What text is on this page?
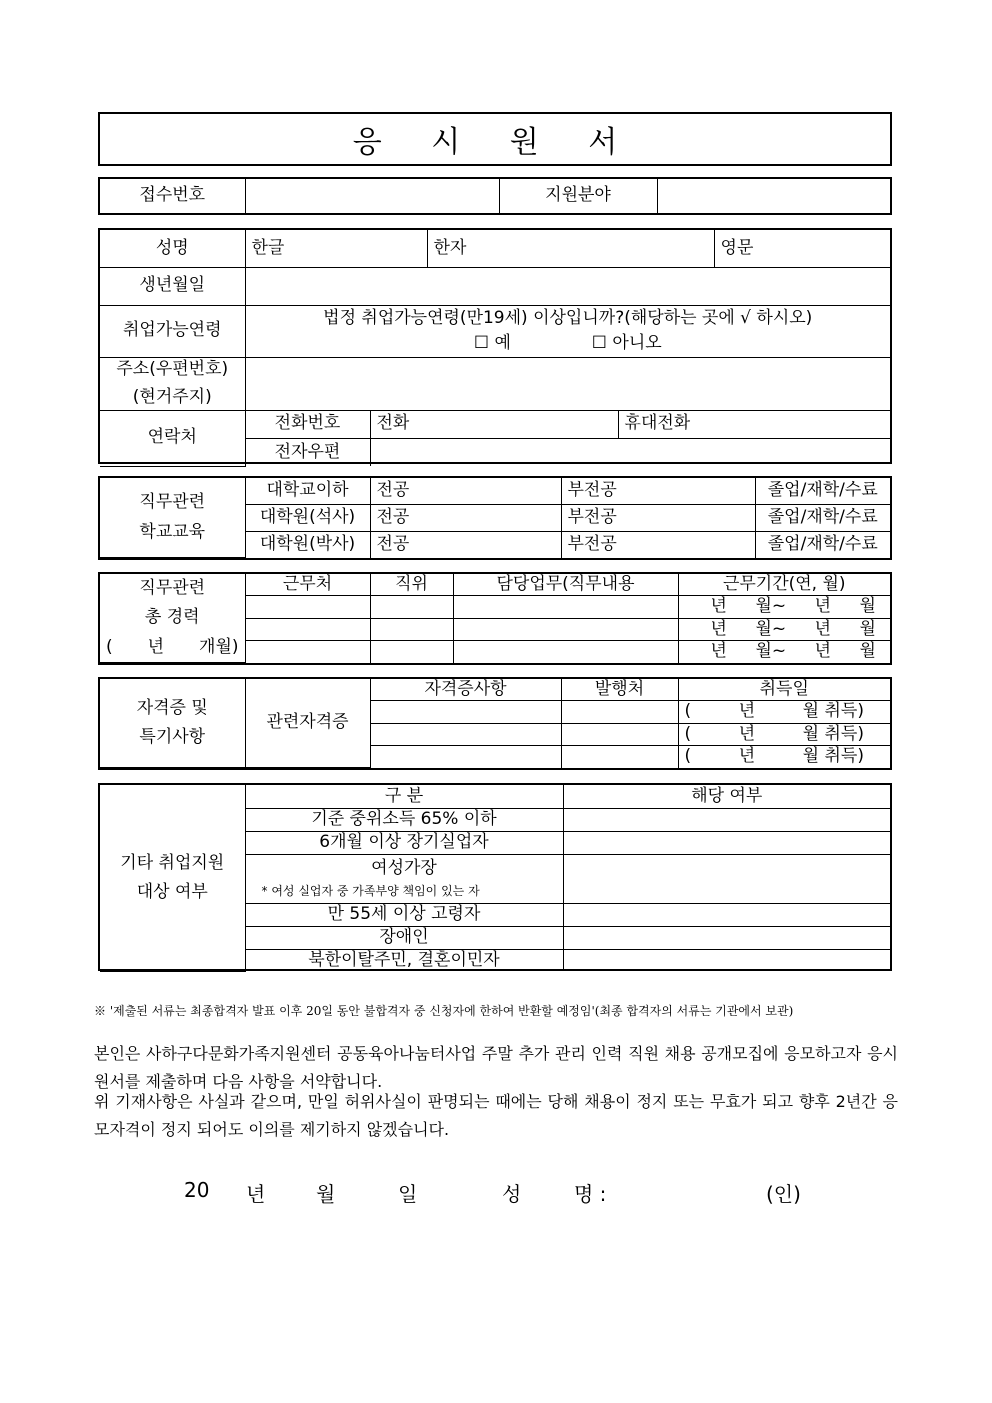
응 시 원 서
접수번호		지원분야	
성명	한글		한자		영문
생년월일					
취업가능연령	법정 취업가능연령(만19세) 이상입니까?(해당하는 곳에 √ 하시오)
☐ 예 ☐ 아니오				

주소(우편번호)
(현거주지)					

연락처	전화번호	전화		휴대전화	
	전자우편				
직무관련
학교교육	대학교이하	전공	부전공	졸업/재학/수료
	대학원(석사)	전공	부전공	졸업/재학/수료
	대학원(박사)	전공	부전공	졸업/재학/수료
직무관련
총 경력
( 년 개월)	근무처	직위	담당업무(직무내용	근무기간(연, 월)

				년 월~ 년 월

				년 월~ 년 월

				년 월~ 년 월
자격증 및
특기사항	관련자격증	자격증사항	발행처	취득일

				( 년 월 취득)

				( 년 월 취득)

				( 년 월 취득)
기타 취업지원
대상 여부	구 분	해당 여부
	기준 중위소득 65% 이하	
	6개월 이상 장기실업자	

	여성가장
* 여성 실업자 중 가족부양 책임이 있는 자	

	만 55세 이상 고령자	
	장애인	
	북한이탈주민, 결혼이민자	
※ '제출된 서류는 최종합격자 발표 이후 20일 동안 불합격자 중 신청자에 한하여 반환할 예정임'(최종 합격자의 서류는 기관에서 보관)
본인은 사하구다문화가족지원센터 공동육아나눔터사업 주말 추가 관리 인력 직원 채용 공개모집에 응모하고자 응시원서를 제출하며 다음 사항을 서약합니다.
위 기재사항은 사실과 같으며, 만일 허위사실이 판명되는 때에는 당해 채용이 정지 또는 무효가 되고 향후 2년간 응모자격이 정지 되어도 이의를 제기하지 않겠습니다.
20 년	월	일	성	명 :	(인)
